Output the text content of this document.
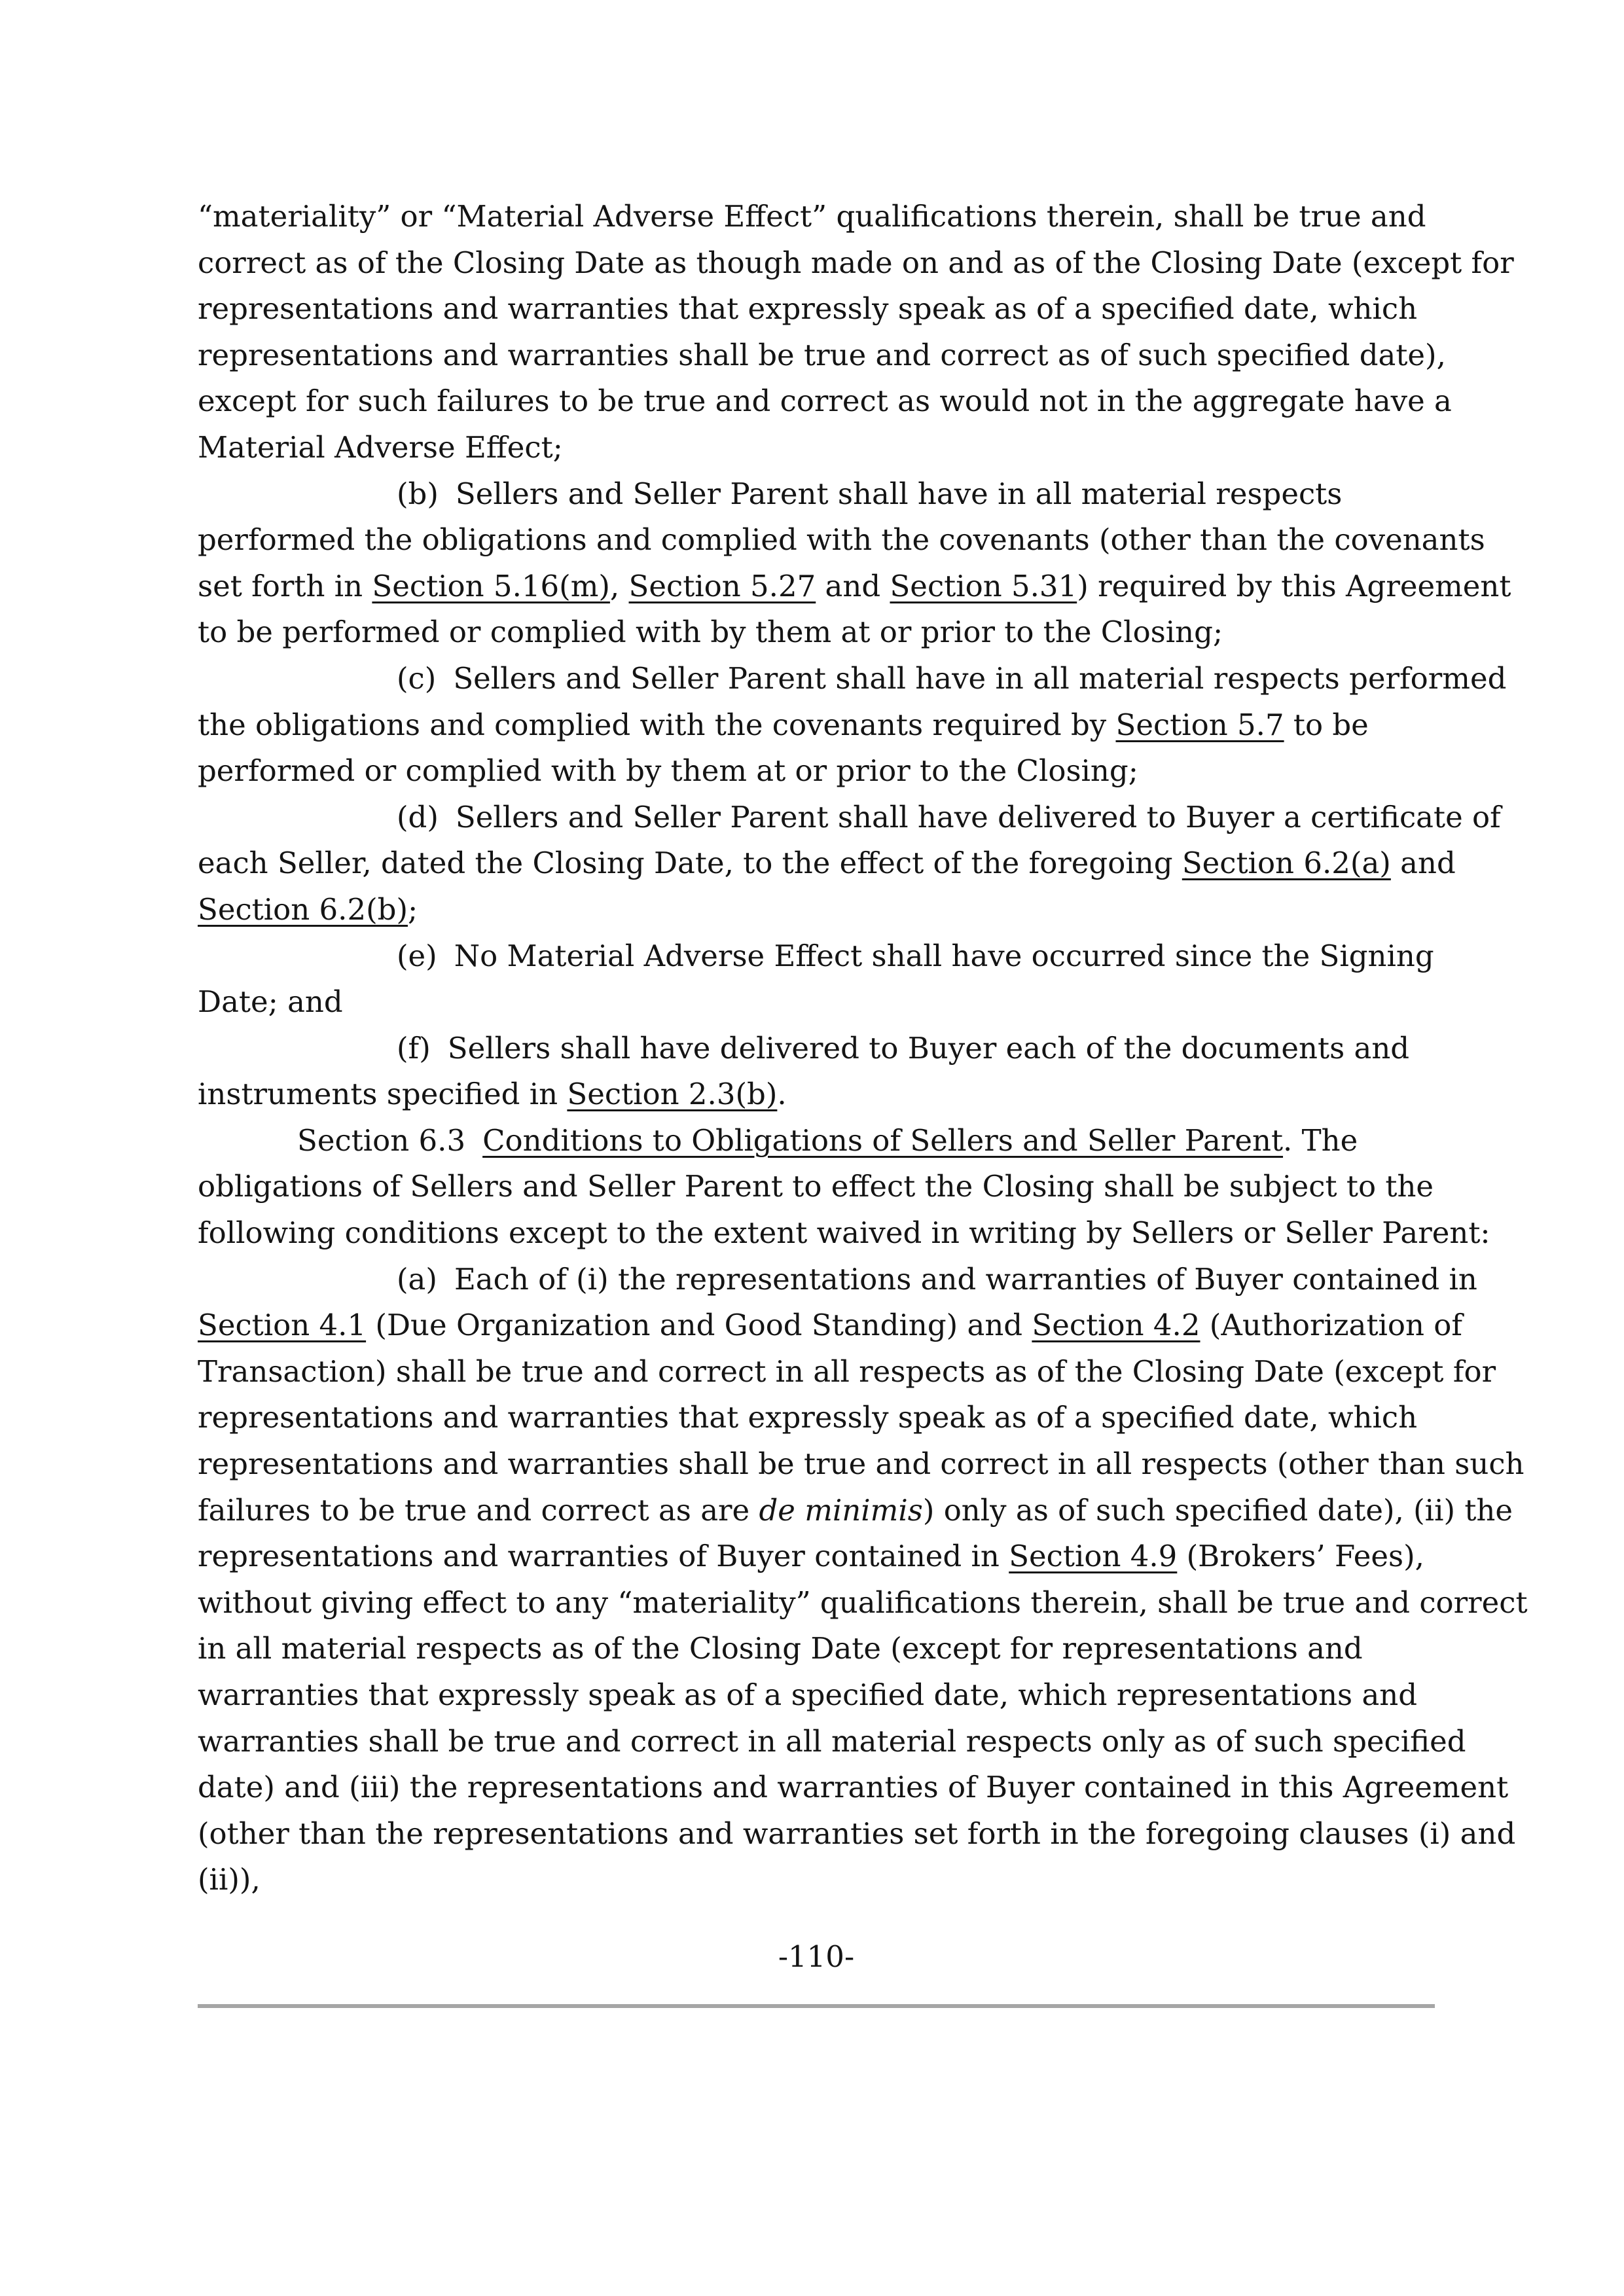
“materiality” or “Material Adverse Effect” qualifications therein, shall be true and
correct as of the Closing Date as though made on and as of the Closing Date (except for
representations and warranties that expressly speak as of a specified date, which
representations and warranties shall be true and correct as of such specified date),
except for such failures to be true and correct as would not in the aggregate have a
Material Adverse Effect;

(b) Sellers and Seller Parent shall have in all material respects
performed the obligations and complied with the covenants (other than the covenants
set forth in Section 5.16(m), Section 5.27 and Section 5.31) required by this Agreement
to be performed or complied with by them at or prior to the Closing;

(c) Sellers and Seller Parent shall have in all material respects performed
the obligations and complied with the covenants required by Section 5.7 to be
performed or complied with by them at or prior to the Closing;

(d) Sellers and Seller Parent shall have delivered to Buyer a certificate of
each Seller, dated the Closing Date, to the effect of the foregoing Section 6.2(a) and
Section 6.2(b);

(e) No Material Adverse Effect shall have occurred since the Signing
Date; and

(f) Sellers shall have delivered to Buyer each of the documents and
instruments specified in Section 2.3(b).

Section 6.3 Conditions to Obligations of Sellers and Seller Parent. The
obligations of Sellers and Seller Parent to effect the Closing shall be subject to the
following conditions except to the extent waived in writing by Sellers or Seller Parent:

(a) Each of (i) the representations and warranties of Buyer contained in
Section 4.1 (Due Organization and Good Standing) and Section 4.2 (Authorization of
Transaction) shall be true and correct in all respects as of the Closing Date (except for
representations and warranties that expressly speak as of a specified date, which
representations and warranties shall be true and correct in all respects (other than such
failures to be true and correct as are de minimis) only as of such specified date), (ii) the
representations and warranties of Buyer contained in Section 4.9 (Brokers’ Fees),
without giving effect to any “materiality” qualifications therein, shall be true and correct
in all material respects as of the Closing Date (except for representations and
warranties that expressly speak as of a specified date, which representations and
warranties shall be true and correct in all material respects only as of such specified
date) and (iii) the representations and warranties of Buyer contained in this Agreement
(other than the representations and warranties set forth in the foregoing clauses (i) and
(ii)),

-110-
